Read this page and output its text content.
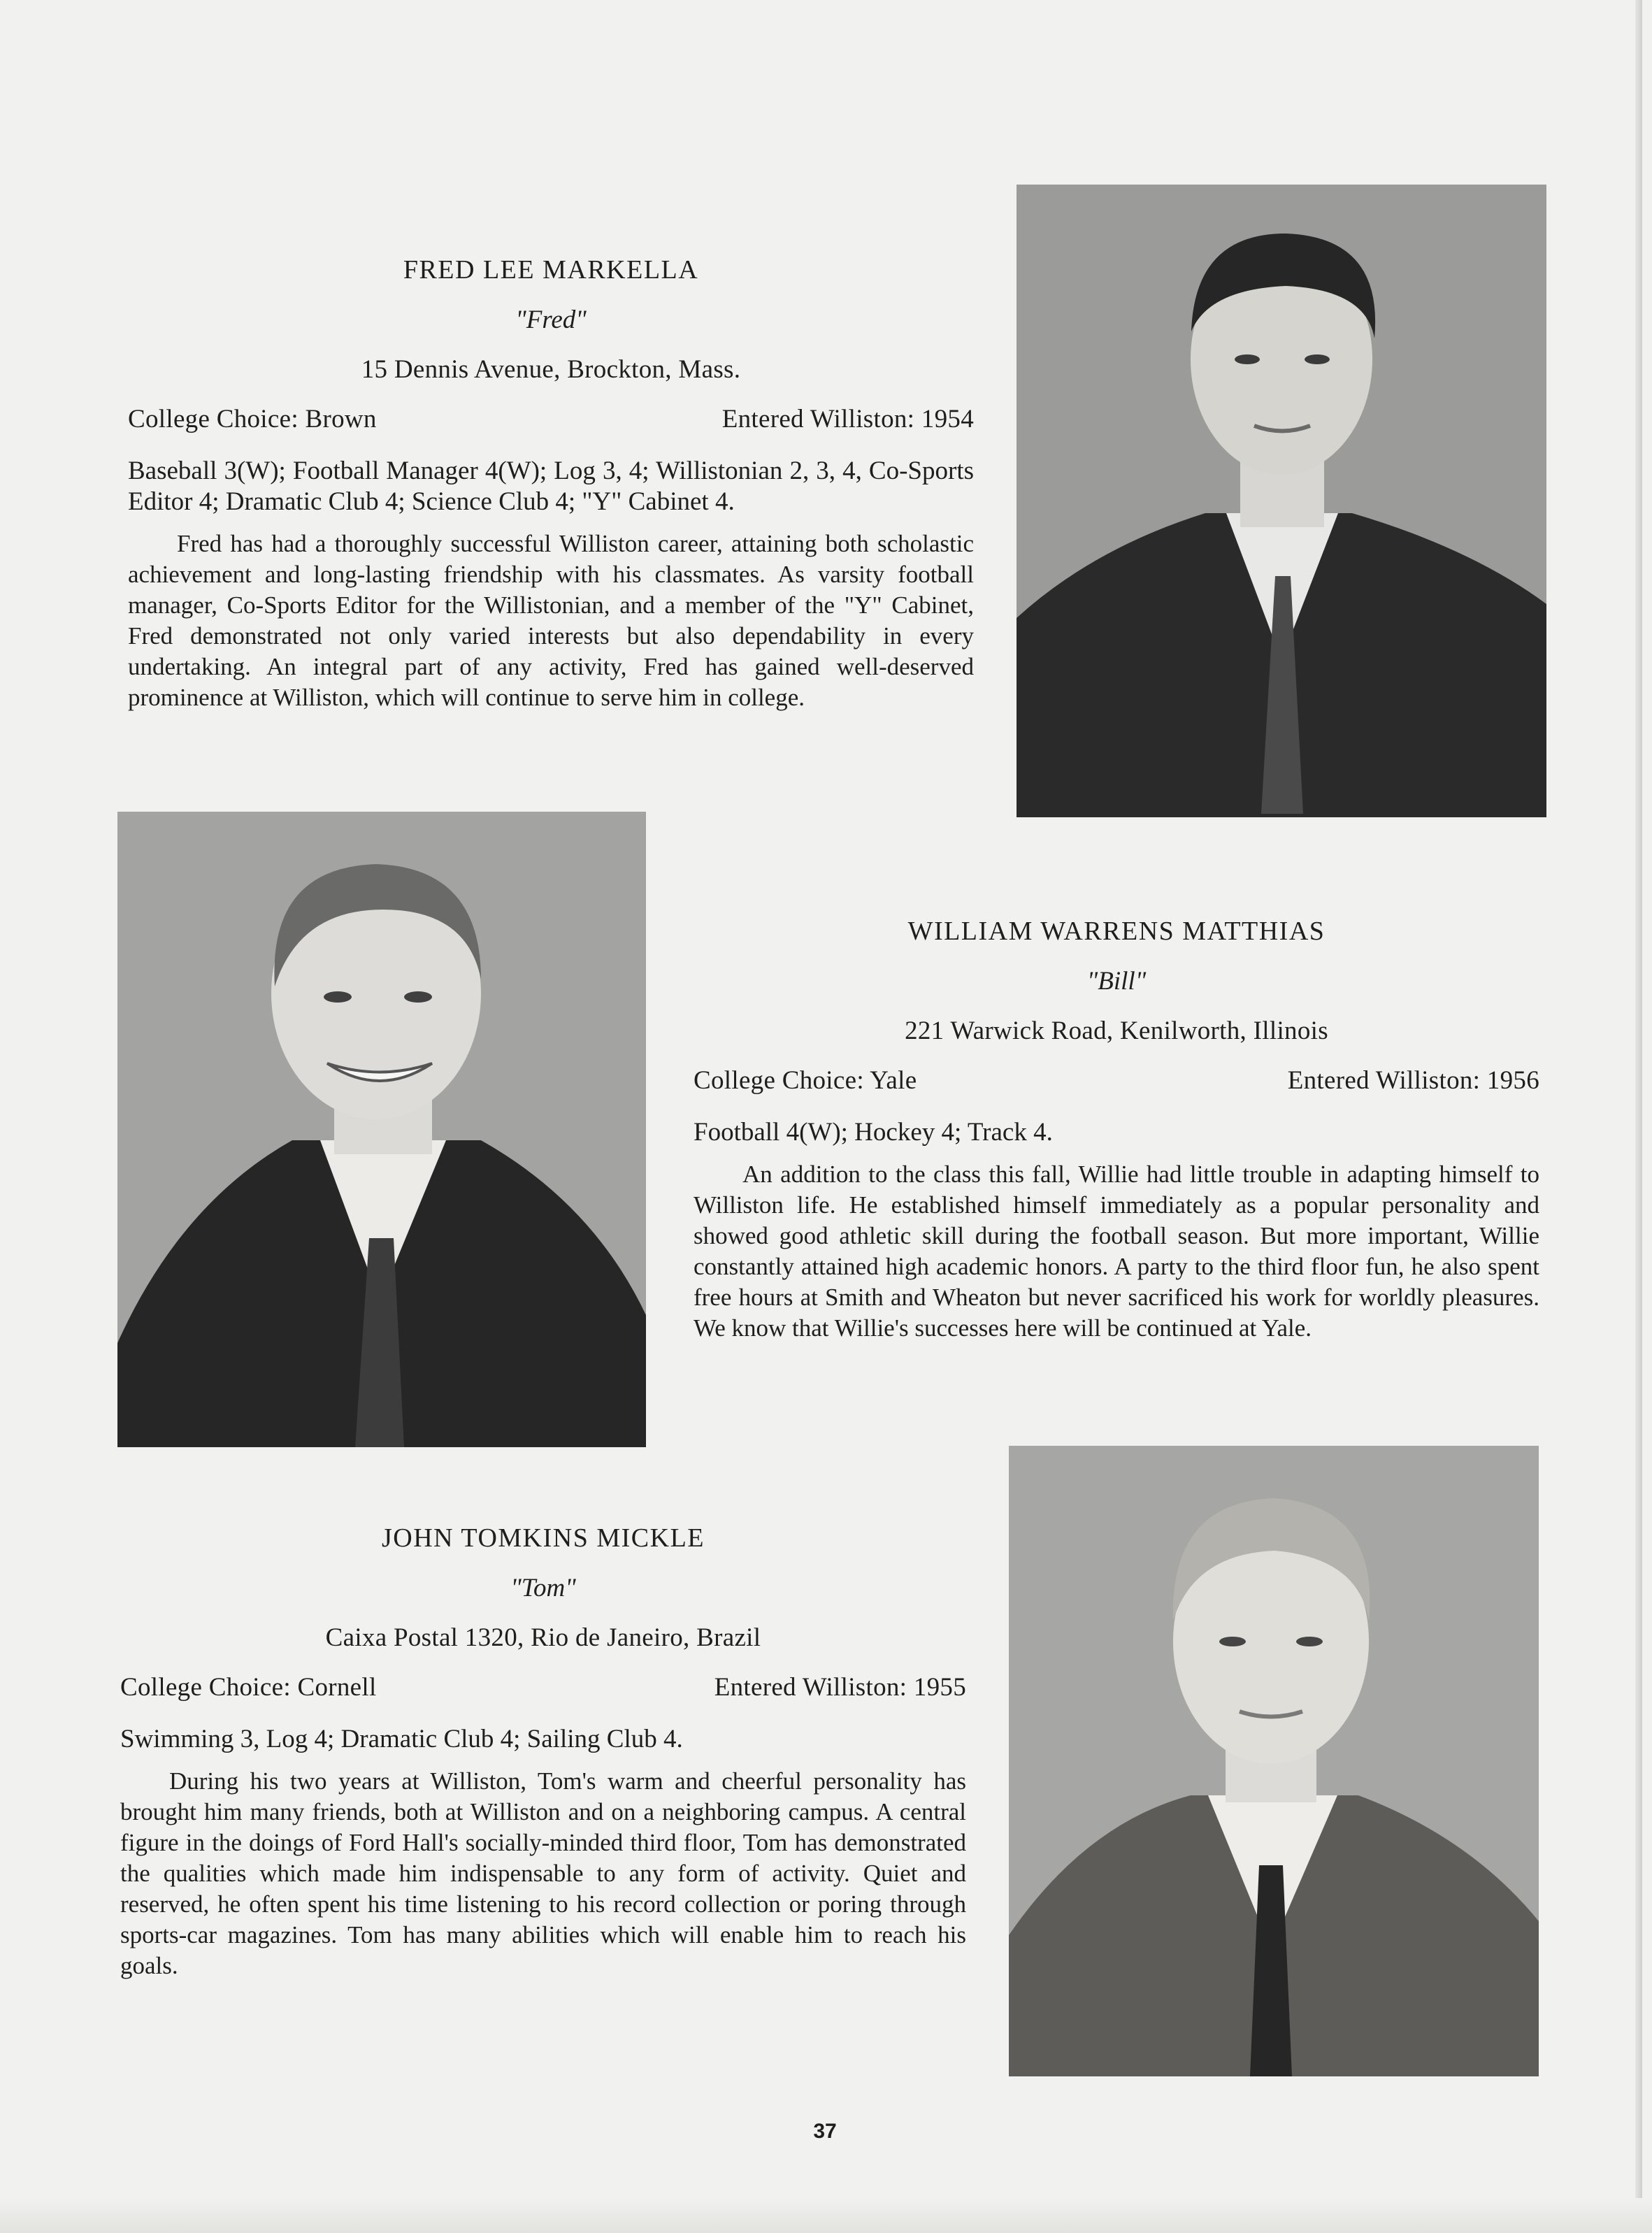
FRED LEE MARKELLA
"Fred"
15 Dennis Avenue, Brockton, Mass.
College Choice: Brown	Entered Williston: 1954
Baseball 3(W); Football Manager 4(W); Log 3, 4; Willistonian 2, 3, 4, Co-Sports Editor 4; Dramatic Club 4; Science Club 4; "Y" Cabinet 4.
Fred has had a thoroughly successful Williston career, attaining both scholastic achievement and long-lasting friendship with his classmates. As varsity football manager, Co-Sports Editor for the Willistonian, and a member of the "Y" Cabinet, Fred demonstrated not only varied interests but also dependability in every undertaking. An integral part of any activity, Fred has gained well-deserved prominence at Williston, which will continue to serve him in college.
WILLIAM WARRENS MATTHIAS
"Bill"
221 Warwick Road, Kenilworth, Illinois
College Choice: Yale	Entered Williston: 1956
Football 4(W); Hockey 4; Track 4.
An addition to the class this fall, Willie had little trouble in adapting himself to Williston life. He established himself immediately as a popular personality and showed good athletic skill during the football season. But more important, Willie constantly attained high academic honors. A party to the third floor fun, he also spent free hours at Smith and Wheaton but never sacrificed his work for worldly pleasures. We know that Willie's successes here will be continued at Yale.
JOHN TOMKINS MICKLE
"Tom"
Caixa Postal 1320, Rio de Janeiro, Brazil
College Choice: Cornell	Entered Williston: 1955
Swimming 3, Log 4; Dramatic Club 4; Sailing Club 4.
During his two years at Williston, Tom's warm and cheerful personality has brought him many friends, both at Williston and on a neighboring campus. A central figure in the doings of Ford Hall's socially-minded third floor, Tom has demonstrated the qualities which made him indispensable to any form of activity. Quiet and reserved, he often spent his time listening to his record collection or poring through sports-car magazines. Tom has many abilities which will enable him to reach his goals.
37
